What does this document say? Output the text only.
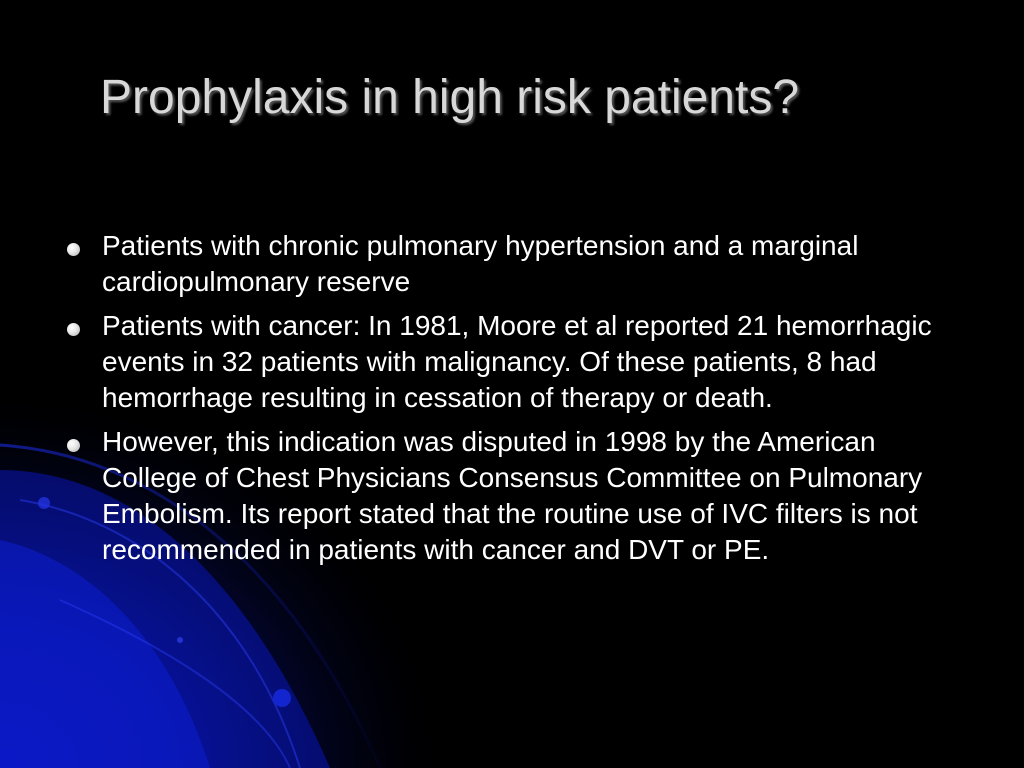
Prophylaxis in high risk patients?
Patients with chronic pulmonary hypertension and a marginal cardiopulmonary reserve
Patients with cancer: In 1981, Moore et al reported 21 hemorrhagic events in 32 patients with malignancy. Of these patients, 8 had hemorrhage resulting in cessation of therapy or death.
However, this indication was disputed in 1998 by the American College of Chest Physicians Consensus Committee on Pulmonary Embolism. Its report stated that the routine use of IVC filters is not recommended in patients with cancer and DVT or PE.
